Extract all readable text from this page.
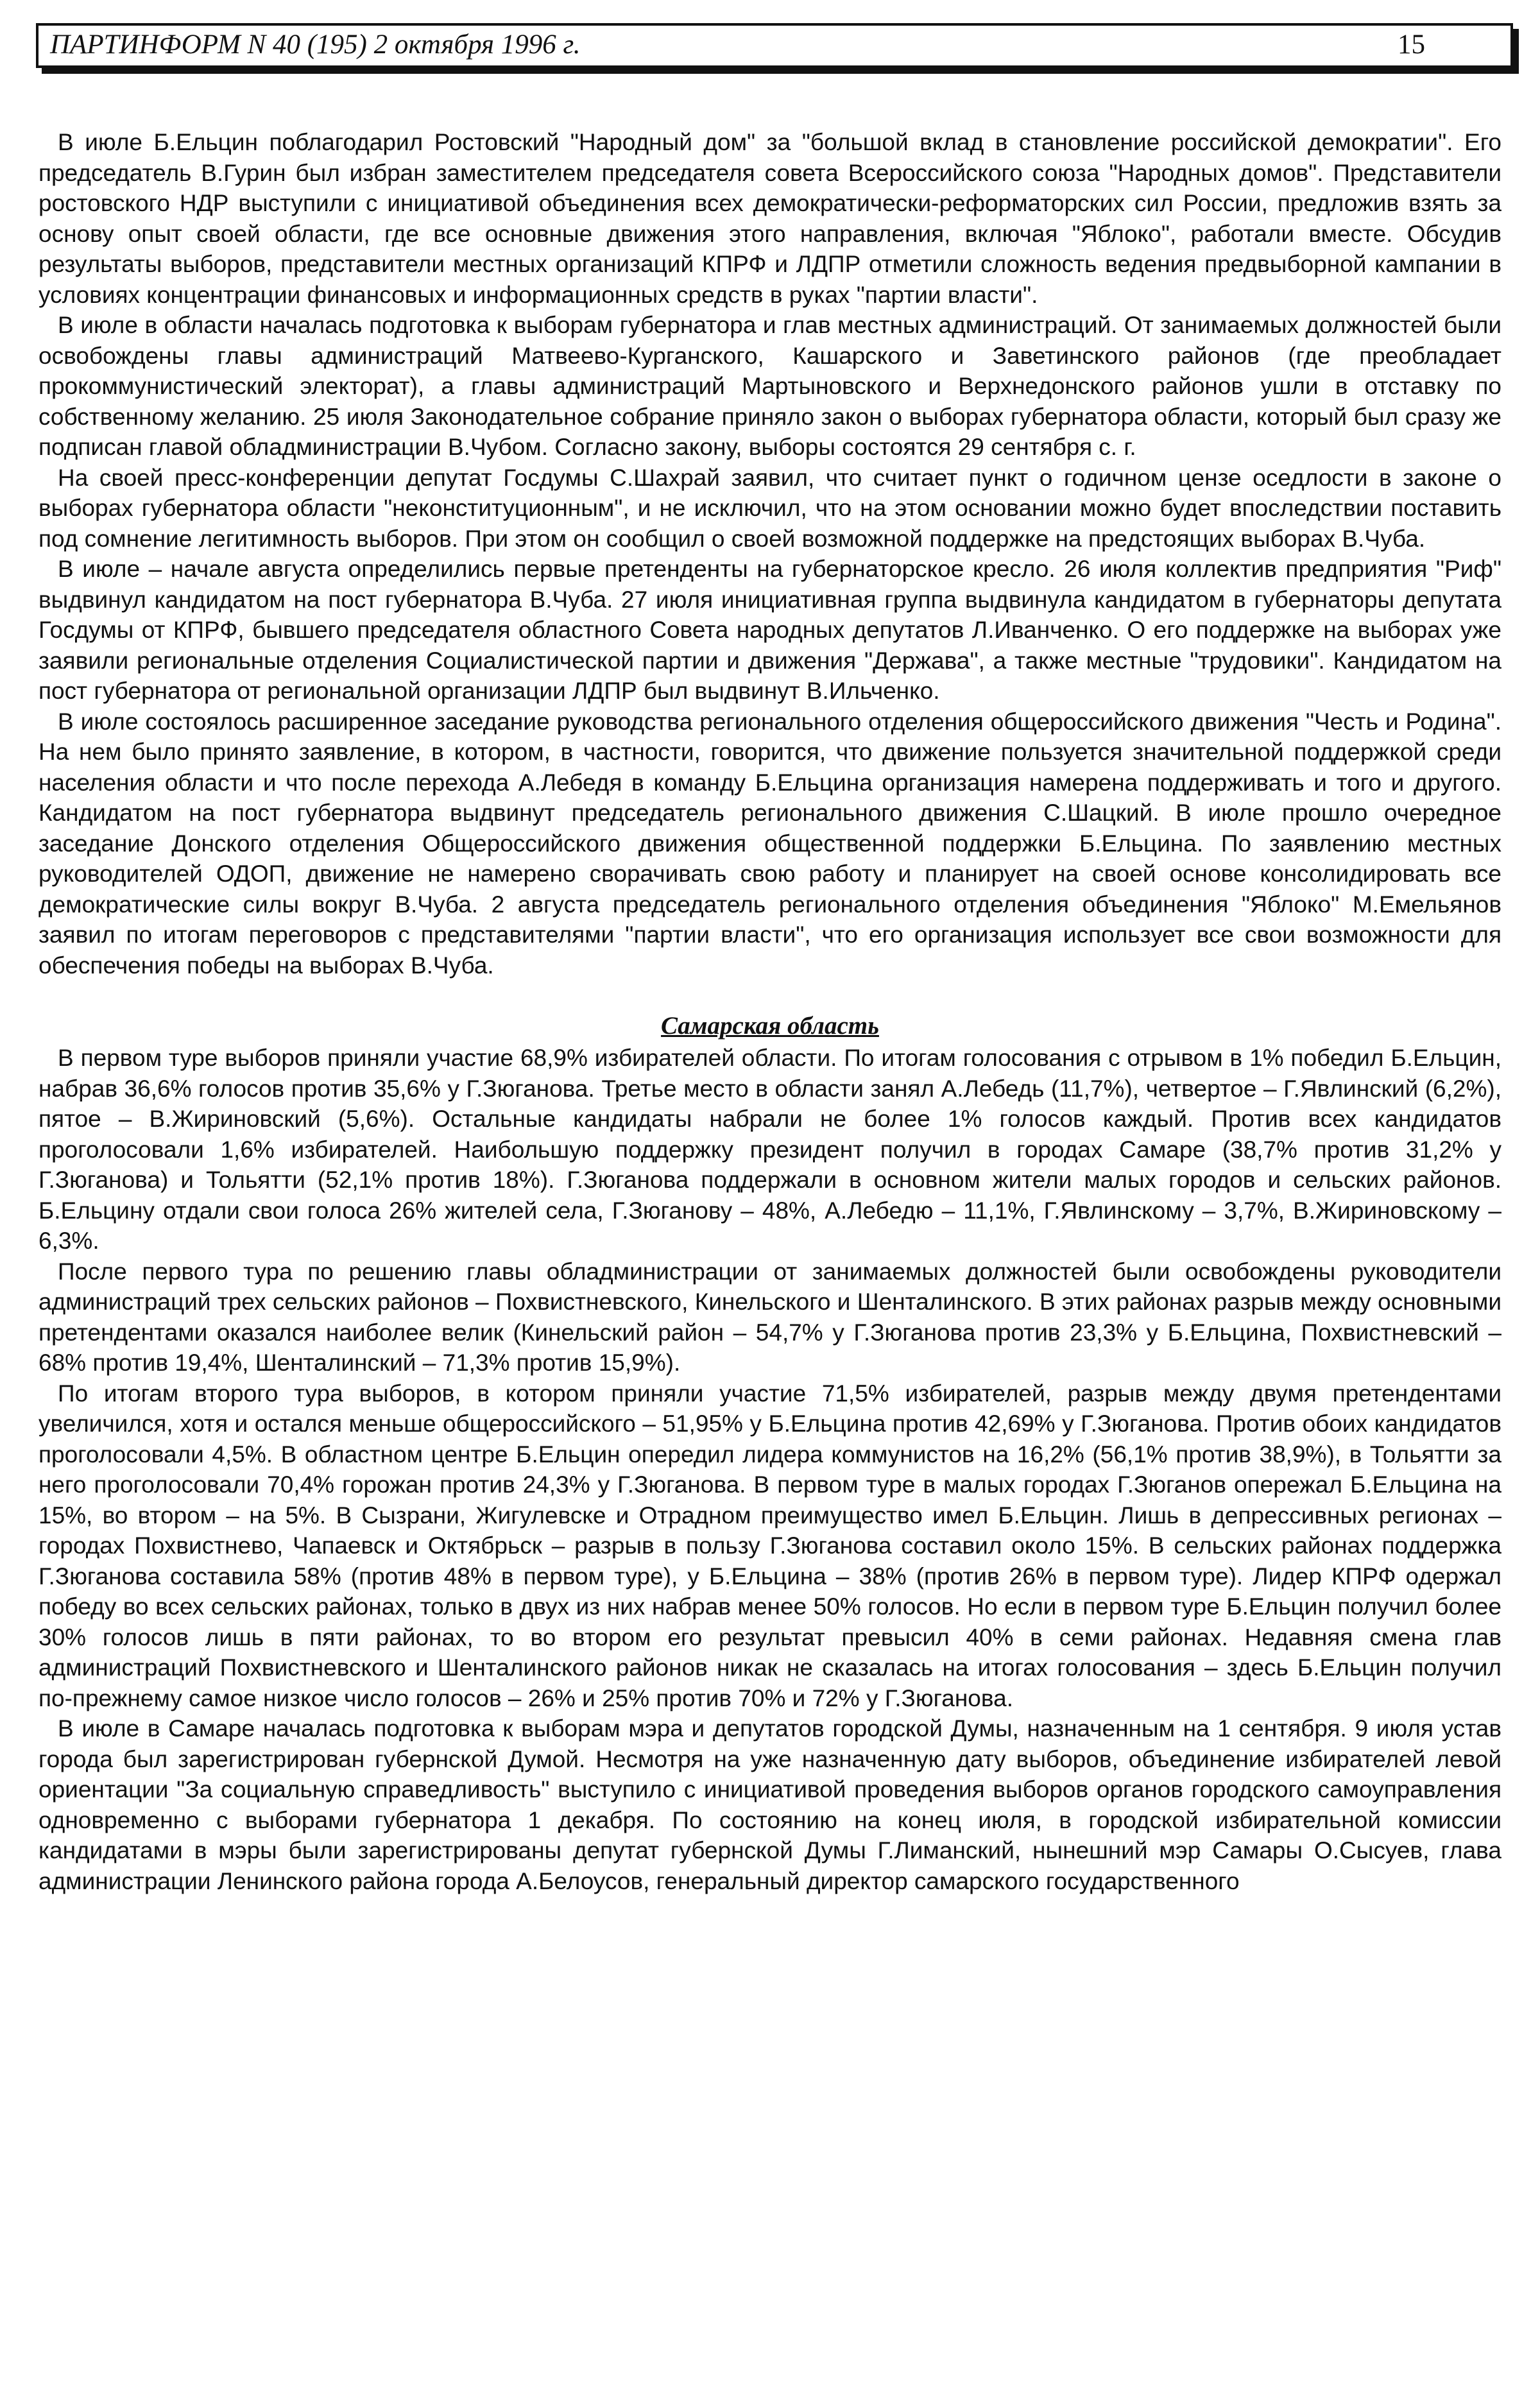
ПАРТИНФОРМ N 40 (195) 2 октября 1996 г.	15

В июле Б.Ельцин поблагодарил Ростовский "Народный дом" за "большой вклад в становление российской демократии". Его председатель В.Гурин был избран заместителем председателя совета Всероссийского союза "Народных домов". Представители ростовского НДР выступили с инициативой объединения всех демократически-реформаторских сил России, предложив взять за основу опыт своей области, где все основные движения этого направления, включая "Яблоко", работали вместе. Обсудив результаты выборов, представители местных организаций КПРФ и ЛДПР отметили сложность ведения предвыборной кампании в условиях концентрации финансовых и информационных средств в руках "партии власти".

В июле в области началась подготовка к выборам губернатора и глав местных администраций. От занимаемых должностей были освобождены главы администраций Матвеево-Курганского, Кашарского и Заветинского районов (где преобладает прокоммунистический электорат), а главы администраций Мартыновского и Верхнедонского районов ушли в отставку по собственному желанию. 25 июля Законодательное собрание приняло закон о выборах губернатора области, который был сразу же подписан главой обладминистрации В.Чубом. Согласно закону, выборы состоятся 29 сентября с. г.

На своей пресс-конференции депутат Госдумы С.Шахрай заявил, что считает пункт о годичном цензе оседлости в законе о выборах губернатора области "неконституционным", и не исключил, что на этом основании можно будет впоследствии поставить под сомнение легитимность выборов. При этом он сообщил о своей возможной поддержке на предстоящих выборах В.Чуба.

В июле – начале августа определились первые претенденты на губернаторское кресло. 26 июля коллектив предприятия "Риф" выдвинул кандидатом на пост губернатора В.Чуба. 27 июля инициативная группа выдвинула кандидатом в губернаторы депутата Госдумы от КПРФ, бывшего председателя областного Совета народных депутатов Л.Иванченко. О его поддержке на выборах уже заявили региональные отделения Социалистической партии и движения "Держава", а также местные "трудовики". Кандидатом на пост губернатора от региональной организации ЛДПР был выдвинут В.Ильченко.

В июле состоялось расширенное заседание руководства регионального отделения общероссийского движения "Честь и Родина". На нем было принято заявление, в котором, в частности, говорится, что движение пользуется значительной поддержкой среди населения области и что после перехода А.Лебедя в команду Б.Ельцина организация намерена поддерживать и того и другого. Кандидатом на пост губернатора выдвинут председатель регионального движения С.Шацкий. В июле прошло очередное заседание Донского отделения Общероссийского движения общественной поддержки Б.Ельцина. По заявлению местных руководителей ОДОП, движение не намерено сворачивать свою работу и планирует на своей основе консолидировать все демократические силы вокруг В.Чуба. 2 августа председатель регионального отделения объединения "Яблоко" М.Емельянов заявил по итогам переговоров с представителями "партии власти", что его организация использует все свои возможности для обеспечения победы на выборах В.Чуба.

Самарская область

В первом туре выборов приняли участие 68,9% избирателей области. По итогам голосования с отрывом в 1% победил Б.Ельцин, набрав 36,6% голосов против 35,6% у Г.Зюганова. Третье место в области занял А.Лебедь (11,7%), четвертое – Г.Явлинский (6,2%), пятое – В.Жириновский (5,6%). Остальные кандидаты набрали не более 1% голосов каждый. Против всех кандидатов проголосовали 1,6% избирателей. Наибольшую поддержку президент получил в городах Самаре (38,7% против 31,2% у Г.Зюганова) и Тольятти (52,1% против 18%). Г.Зюганова поддержали в основном жители малых городов и сельских районов. Б.Ельцину отдали свои голоса 26% жителей села, Г.Зюганову – 48%, А.Лебедю – 11,1%, Г.Явлинскому – 3,7%, В.Жириновскому – 6,3%.

После первого тура по решению главы обладминистрации от занимаемых должностей были освобождены руководители администраций трех сельских районов – Похвистневского, Кинельского и Шенталинского. В этих районах разрыв между основными претендентами оказался наиболее велик (Кинельский район – 54,7% у Г.Зюганова против 23,3% у Б.Ельцина, Похвистневский – 68% против 19,4%, Шенталинский – 71,3% против 15,9%).

По итогам второго тура выборов, в котором приняли участие 71,5% избирателей, разрыв между двумя претендентами увеличился, хотя и остался меньше общероссийского – 51,95% у Б.Ельцина против 42,69% у Г.Зюганова. Против обоих кандидатов проголосовали 4,5%. В областном центре Б.Ельцин опередил лидера коммунистов на 16,2% (56,1% против 38,9%), в Тольятти за него проголосовали 70,4% горожан против 24,3% у Г.Зюганова. В первом туре в малых городах Г.Зюганов опережал Б.Ельцина на 15%, во втором – на 5%. В Сызрани, Жигулевске и Отрадном преимущество имел Б.Ельцин. Лишь в депрессивных регионах – городах Похвистнево, Чапаевск и Октябрьск – разрыв в пользу Г.Зюганова составил около 15%. В сельских районах поддержка Г.Зюганова составила 58% (против 48% в первом туре), у Б.Ельцина – 38% (против 26% в первом туре). Лидер КПРФ одержал победу во всех сельских районах, только в двух из них набрав менее 50% голосов. Но если в первом туре Б.Ельцин получил более 30% голосов лишь в пяти районах, то во втором его результат превысил 40% в семи районах. Недавняя смена глав администраций Похвистневского и Шенталинского районов никак не сказалась на итогах голосования – здесь Б.Ельцин получил по-прежнему самое низкое число голосов – 26% и 25% против 70% и 72% у Г.Зюганова.

В июле в Самаре началась подготовка к выборам мэра и депутатов городской Думы, назначенным на 1 сентября. 9 июля устав города был зарегистрирован губернской Думой. Несмотря на уже назначенную дату выборов, объединение избирателей левой ориентации "За социальную справедливость" выступило с инициативой проведения выборов органов городского самоуправления одновременно с выборами губернатора 1 декабря. По состоянию на конец июля, в городской избирательной комиссии кандидатами в мэры были зарегистрированы депутат губернской Думы Г.Лиманский, нынешний мэр Самары О.Сысуев, глава администрации Ленинского района города А.Белоусов, генеральный директор самарского государственного
